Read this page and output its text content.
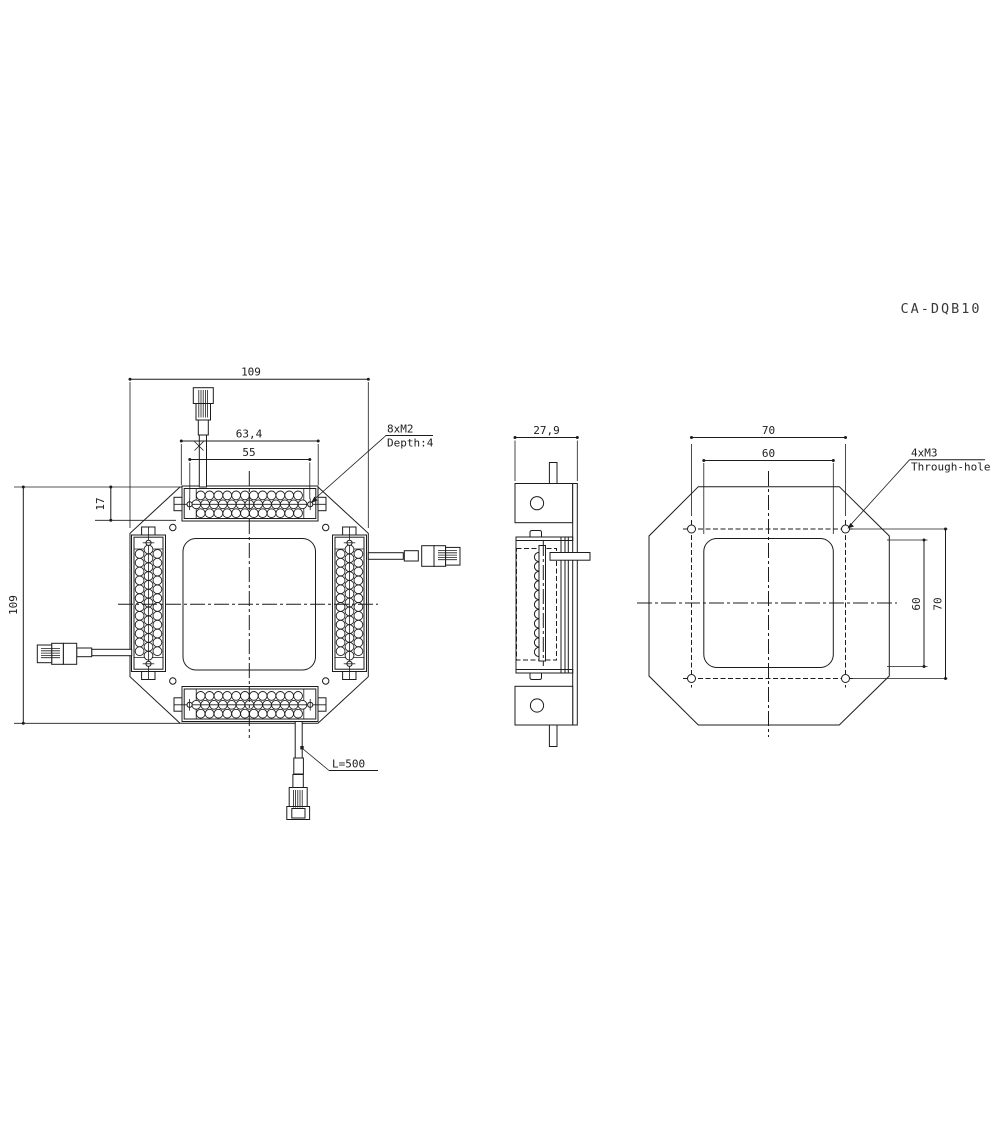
CA-DQB10
109
109
17
63,4
55
8xM2
Depth:4
L=500
27,9	70
60
60 70
4xM3
Through-hole
